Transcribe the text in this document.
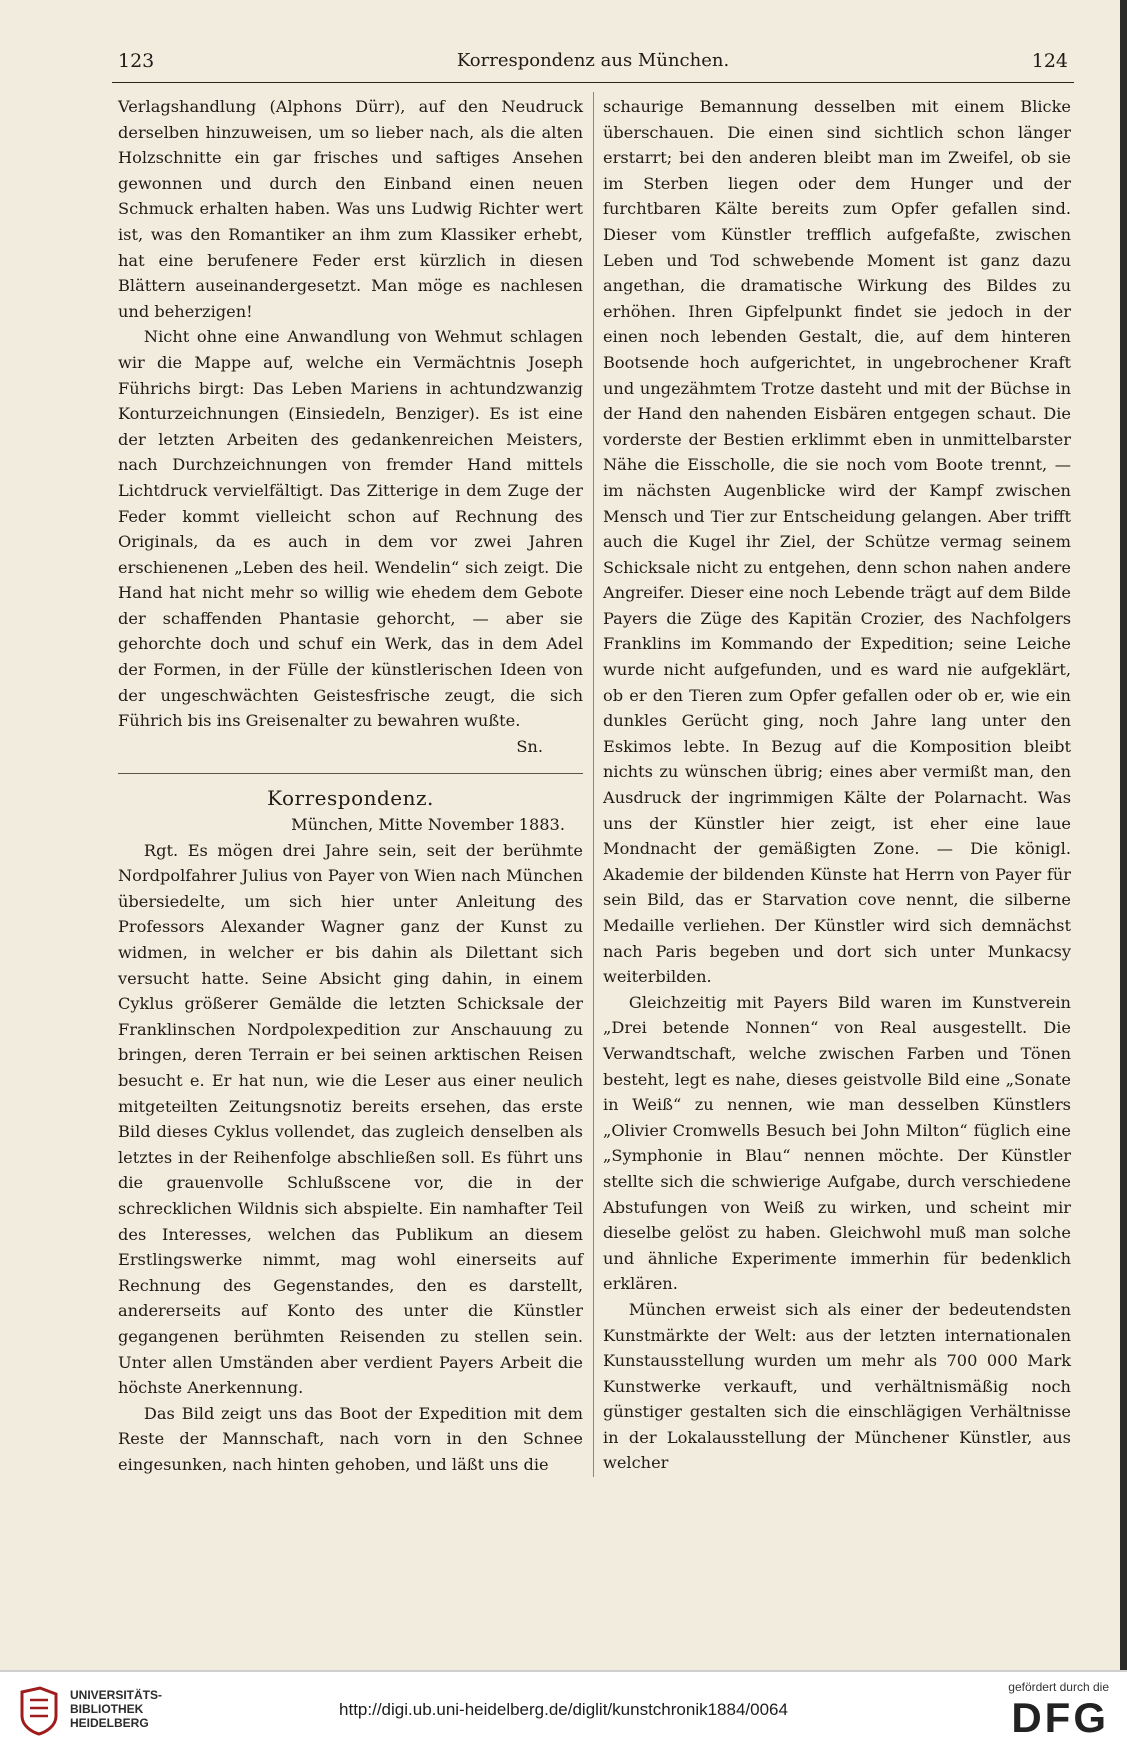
123	Korrespondenz aus München.	124

Verlagshandlung (Alphons Dürr), auf den Neudruck derselben hinzuweisen, um so lieber nach, als die alten Holzschnitte ein gar frisches und saftiges Ansehen gewonnen und durch den Einband einen neuen Schmuck erhalten haben. Was uns Ludwig Richter wert ist, was den Romantiker an ihm zum Klassiker erhebt, hat eine berufenere Feder erst kürzlich in diesen Blättern auseinandergesetzt. Man möge es nachlesen und beherzigen!

Nicht ohne eine Anwandlung von Wehmut schlagen wir die Mappe auf, welche ein Vermächtnis Joseph Führichs birgt: Das Leben Mariens in achtundzwanzig Konturzeichnungen (Einsiedeln, Benziger). Es ist eine der letzten Arbeiten des gedankenreichen Meisters, nach Durchzeichnungen von fremder Hand mittels Lichtdruck vervielfältigt. Das Zitterige in dem Zuge der Feder kommt vielleicht schon auf Rechnung des Originals, da es auch in dem vor zwei Jahren erschienenen „Leben des heil. Wendelin“ sich zeigt. Die Hand hat nicht mehr so willig wie ehedem dem Gebote der schaffenden Phantasie gehorcht, — aber sie gehorchte doch und schuf ein Werk, das in dem Adel der Formen, in der Fülle der künstlerischen Ideen von der ungeschwächten Geistesfrische zeugt, die sich Führich bis ins Greisenalter zu bewahren wußte.

Sn.

Korrespondenz.

München, Mitte November 1883.

Rgt. Es mögen drei Jahre sein, seit der berühmte Nordpolfahrer Julius von Payer von Wien nach München übersiedelte, um sich hier unter Anleitung des Professors Alexander Wagner ganz der Kunst zu widmen, in welcher er bis dahin als Dilettant sich versucht hatte. Seine Absicht ging dahin, in einem Cyklus größerer Gemälde die letzten Schicksale der Franklinschen Nordpolexpedition zur Anschauung zu bringen, deren Terrain er bei seinen arktischen Reisen besucht e. Er hat nun, wie die Leser aus einer neulich mitgeteilten Zeitungsnotiz bereits ersehen, das erste Bild dieses Cyklus vollendet, das zugleich denselben als letztes in der Reihenfolge abschließen soll. Es führt uns die grauenvolle Schlußscene vor, die in der schrecklichen Wildnis sich abspielte. Ein namhafter Teil des Interesses, welchen das Publikum an diesem Erstlingswerke nimmt, mag wohl einerseits auf Rechnung des Gegenstandes, den es darstellt, andererseits auf Konto des unter die Künstler gegangenen berühmten Reisenden zu stellen sein. Unter allen Umständen aber verdient Payers Arbeit die höchste Anerkennung.

Das Bild zeigt uns das Boot der Expedition mit dem Reste der Mannschaft, nach vorn in den Schnee eingesunken, nach hinten gehoben, und läßt uns die

schaurige Bemannung desselben mit einem Blicke überschauen. Die einen sind sichtlich schon länger erstarrt; bei den anderen bleibt man im Zweifel, ob sie im Sterben liegen oder dem Hunger und der furchtbaren Kälte bereits zum Opfer gefallen sind. Dieser vom Künstler trefflich aufgefaßte, zwischen Leben und Tod schwebende Moment ist ganz dazu angethan, die dramatische Wirkung des Bildes zu erhöhen. Ihren Gipfelpunkt findet sie jedoch in der einen noch lebenden Gestalt, die, auf dem hinteren Bootsende hoch aufgerichtet, in ungebrochener Kraft und ungezähmtem Trotze dasteht und mit der Büchse in der Hand den nahenden Eisbären entgegen schaut. Die vorderste der Bestien erklimmt eben in unmittelbarster Nähe die Eisscholle, die sie noch vom Boote trennt, — im nächsten Augenblicke wird der Kampf zwischen Mensch und Tier zur Entscheidung gelangen. Aber trifft auch die Kugel ihr Ziel, der Schütze vermag seinem Schicksale nicht zu entgehen, denn schon nahen andere Angreifer. Dieser eine noch Lebende trägt auf dem Bilde Payers die Züge des Kapitän Crozier, des Nachfolgers Franklins im Kommando der Expedition; seine Leiche wurde nicht aufgefunden, und es ward nie aufgeklärt, ob er den Tieren zum Opfer gefallen oder ob er, wie ein dunkles Gerücht ging, noch Jahre lang unter den Eskimos lebte. In Bezug auf die Komposition bleibt nichts zu wünschen übrig; eines aber vermißt man, den Ausdruck der ingrimmigen Kälte der Polarnacht. Was uns der Künstler hier zeigt, ist eher eine laue Mondnacht der gemäßigten Zone. — Die königl. Akademie der bildenden Künste hat Herrn von Payer für sein Bild, das er Starvation cove nennt, die silberne Medaille verliehen. Der Künstler wird sich demnächst nach Paris begeben und dort sich unter Munkacsy weiterbilden.

Gleichzeitig mit Payers Bild waren im Kunstverein „Drei betende Nonnen“ von Real ausgestellt. Die Verwandtschaft, welche zwischen Farben und Tönen besteht, legt es nahe, dieses geistvolle Bild eine „Sonate in Weiß“ zu nennen, wie man desselben Künstlers „Olivier Cromwells Besuch bei John Milton“ füglich eine „Symphonie in Blau“ nennen möchte. Der Künstler stellte sich die schwierige Aufgabe, durch verschiedene Abstufungen von Weiß zu wirken, und scheint mir dieselbe gelöst zu haben. Gleichwohl muß man solche und ähnliche Experimente immerhin für bedenklich erklären.

München erweist sich als einer der bedeutendsten Kunstmärkte der Welt: aus der letzten internationalen Kunstausstellung wurden um mehr als 700 000 Mark Kunstwerke verkauft, und verhältnismäßig noch günstiger gestalten sich die einschlägigen Verhältnisse in der Lokalausstellung der Münchener Künstler, aus welcher

UNIVERSITÄTS-
BIBLIOTHEK
HEIDELBERG
http://digi.ub.uni-heidelberg.de/diglit/kunstchronik1884/0064
gefördert durch die
DFG
